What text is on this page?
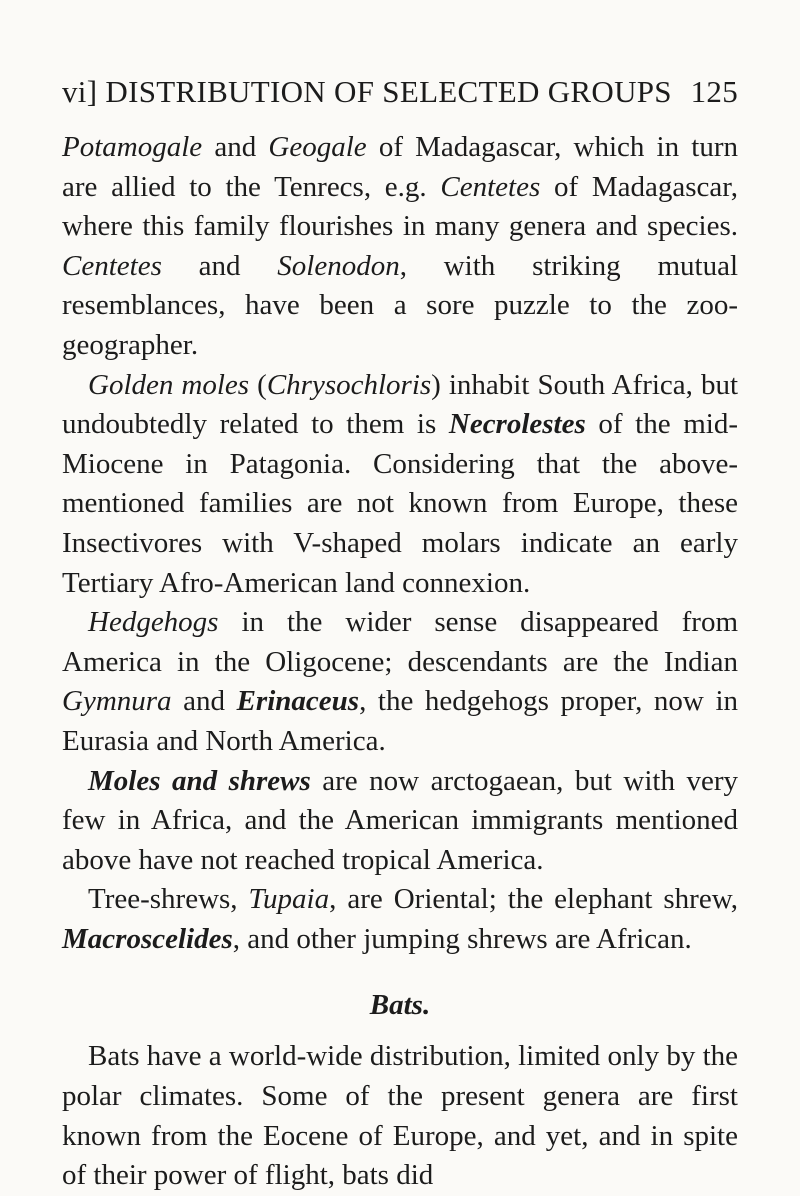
vi] DISTRIBUTION OF SELECTED GROUPS 125

Potamogale and Geogale of Madagascar, which in turn are allied to the Tenrecs, e.g. Centetes of Madagascar, where this family flourishes in many genera and species. Centetes and Solenodon, with striking mutual resemblances, have been a sore puzzle to the zoo-geographer.

Golden moles (Chrysochloris) inhabit South Africa, but undoubtedly related to them is Necrolestes of the mid-Miocene in Patagonia. Considering that the above-mentioned families are not known from Europe, these Insectivores with V-shaped molars indicate an early Tertiary Afro-American land connexion.

Hedgehogs in the wider sense disappeared from America in the Oligocene; descendants are the Indian Gymnura and Erinaceus, the hedgehogs proper, now in Eurasia and North America.

Moles and shrews are now arctogaean, but with very few in Africa, and the American immigrants mentioned above have not reached tropical America.

Tree-shrews, Tupaia, are Oriental; the elephant shrew, Macroscelides, and other jumping shrews are African.

Bats.

Bats have a world-wide distribution, limited only by the polar climates. Some of the present genera are first known from the Eocene of Europe, and yet, and in spite of their power of flight, bats did
